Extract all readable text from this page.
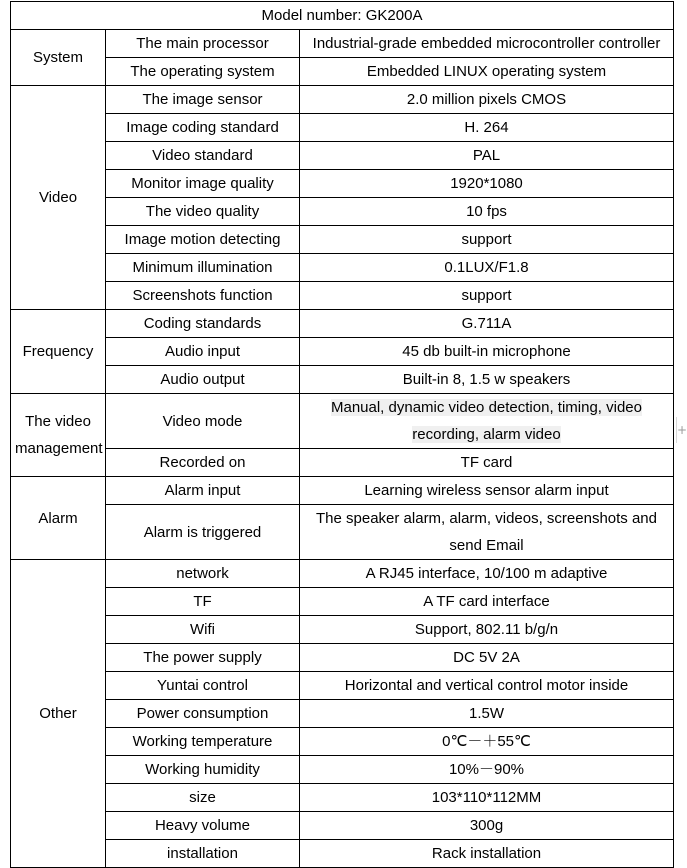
Model number: GK200A		
System	The main processor	Industrial-grade embedded microcontroller controller
	The operating system	Embedded LINUX operating system
Video	The image sensor	2.0 million pixels CMOS
	Image coding standard	H. 264
	Video standard	PAL
	Monitor image quality	1920*1080
	The video quality	10 fps
	Image motion detecting	support
	Minimum illumination	0.1LUX/F1.8
	Screenshots function	support
Frequency	Coding standards	G.711A
	Audio input	45 db built-in microphone
	Audio output	Built-in 8, 1.5 w speakers
The video management	Video mode	Manual, dynamic video detection, timing, video recording, alarm video
	Recorded on	TF card
Alarm	Alarm input	Learning wireless sensor alarm input
	Alarm is triggered	The speaker alarm, alarm, videos, screenshots and send Email
Other	network	A RJ45 interface, 10/100 m adaptive
	TF	A TF card interface
	Wifi	Support, 802.11 b/g/n
	The power supply	DC 5V 2A
	Yuntai control	Horizontal and vertical control motor inside
	Power consumption	1.5W
	Working temperature	0℃－＋55℃
	Working humidity	10%－90%
	size	103*110*112MM
	Heavy volume	300g
	installation	Rack installation
+
